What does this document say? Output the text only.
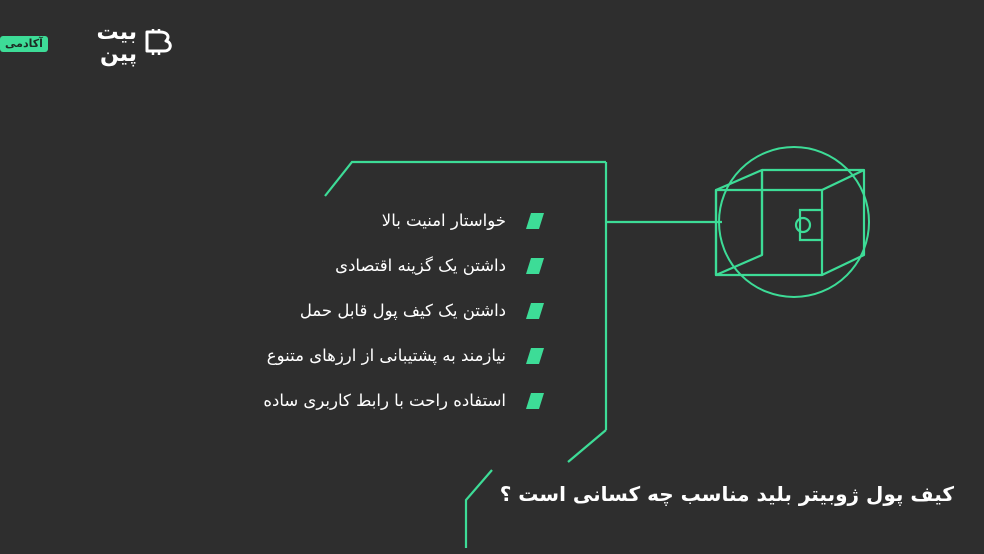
بیت پین
آکادمی
خواستار امنیت بالا
داشتن یک گزینه اقتصادی
داشتن یک کیف پول قابل حمل
نیازمند به پشتیبانی از ارزهای متنوع
استفاده راحت با رابط کاربری ساده
کیف پول ژوبیتر بلید مناسب چه کسانی است ؟
